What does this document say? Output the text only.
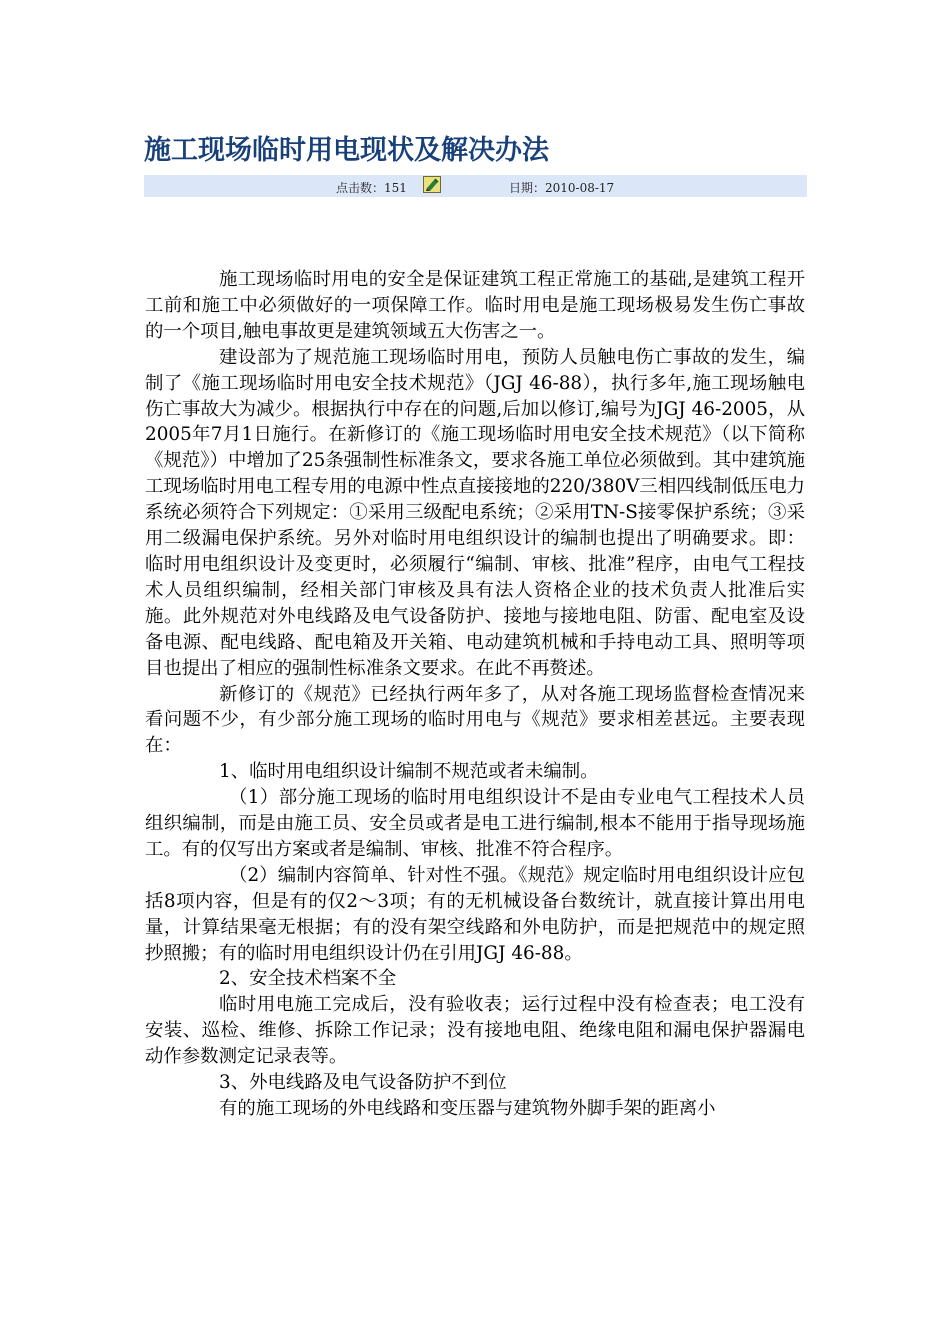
施工现场临时用电现状及解决办法
点击数：151	日期：2010-08-17

施工现场临时用电的安全是保证建筑工程正常施工的基础,是建筑工程开工前和施工中必须做好的一项保障工作。临时用电是施工现场极易发生伤亡事故的一个项目,触电事故更是建筑领域五大伤害之一。

建设部为了规范施工现场临时用电，预防人员触电伤亡事故的发生，编制了《施工现场临时用电安全技术规范》（JGJ 46-88），执行多年,施工现场触电伤亡事故大为减少。根据执行中存在的问题,后加以修订,编号为JGJ 46-2005，从2005年7月1日施行。在新修订的《施工现场临时用电安全技术规范》（以下简称《规范》）中增加了25条强制性标准条文，要求各施工单位必须做到。其中建筑施工现场临时用电工程专用的电源中性点直接接地的220/380V三相四线制低压电力系统必须符合下列规定：①采用三级配电系统；②采用TN-S接零保护系统；③采用二级漏电保护系统。另外对临时用电组织设计的编制也提出了明确要求。即：临时用电组织设计及变更时，必须履行“编制、审核、批准”程序，由电气工程技术人员组织编制，经相关部门审核及具有法人资格企业的技术负责人批准后实施。此外规范对外电线路及电气设备防护、接地与接地电阻、防雷、配电室及设备电源、配电线路、配电箱及开关箱、电动建筑机械和手持电动工具、照明等项目也提出了相应的强制性标准条文要求。在此不再赘述。

新修订的《规范》已经执行两年多了，从对各施工现场监督检查情况来看问题不少，有少部分施工现场的临时用电与《规范》要求相差甚远。主要表现在：

1、临时用电组织设计编制不规范或者未编制。

（1）部分施工现场的临时用电组织设计不是由专业电气工程技术人员组织编制，而是由施工员、安全员或者是电工进行编制,根本不能用于指导现场施工。有的仅写出方案或者是编制、审核、批准不符合程序。

（2）编制内容简单、针对性不强。《规范》规定临时用电组织设计应包括8项内容，但是有的仅2～3项；有的无机械设备台数统计，就直接计算出用电量，计算结果毫无根据；有的没有架空线路和外电防护，而是把规范中的规定照抄照搬；有的临时用电组织设计仍在引用JGJ 46-88。

2、安全技术档案不全

临时用电施工完成后，没有验收表；运行过程中没有检查表；电工没有安装、巡检、维修、拆除工作记录；没有接地电阻、绝缘电阻和漏电保护器漏电动作参数测定记录表等。

3、外电线路及电气设备防护不到位

有的施工现场的外电线路和变压器与建筑物外脚手架的距离小
